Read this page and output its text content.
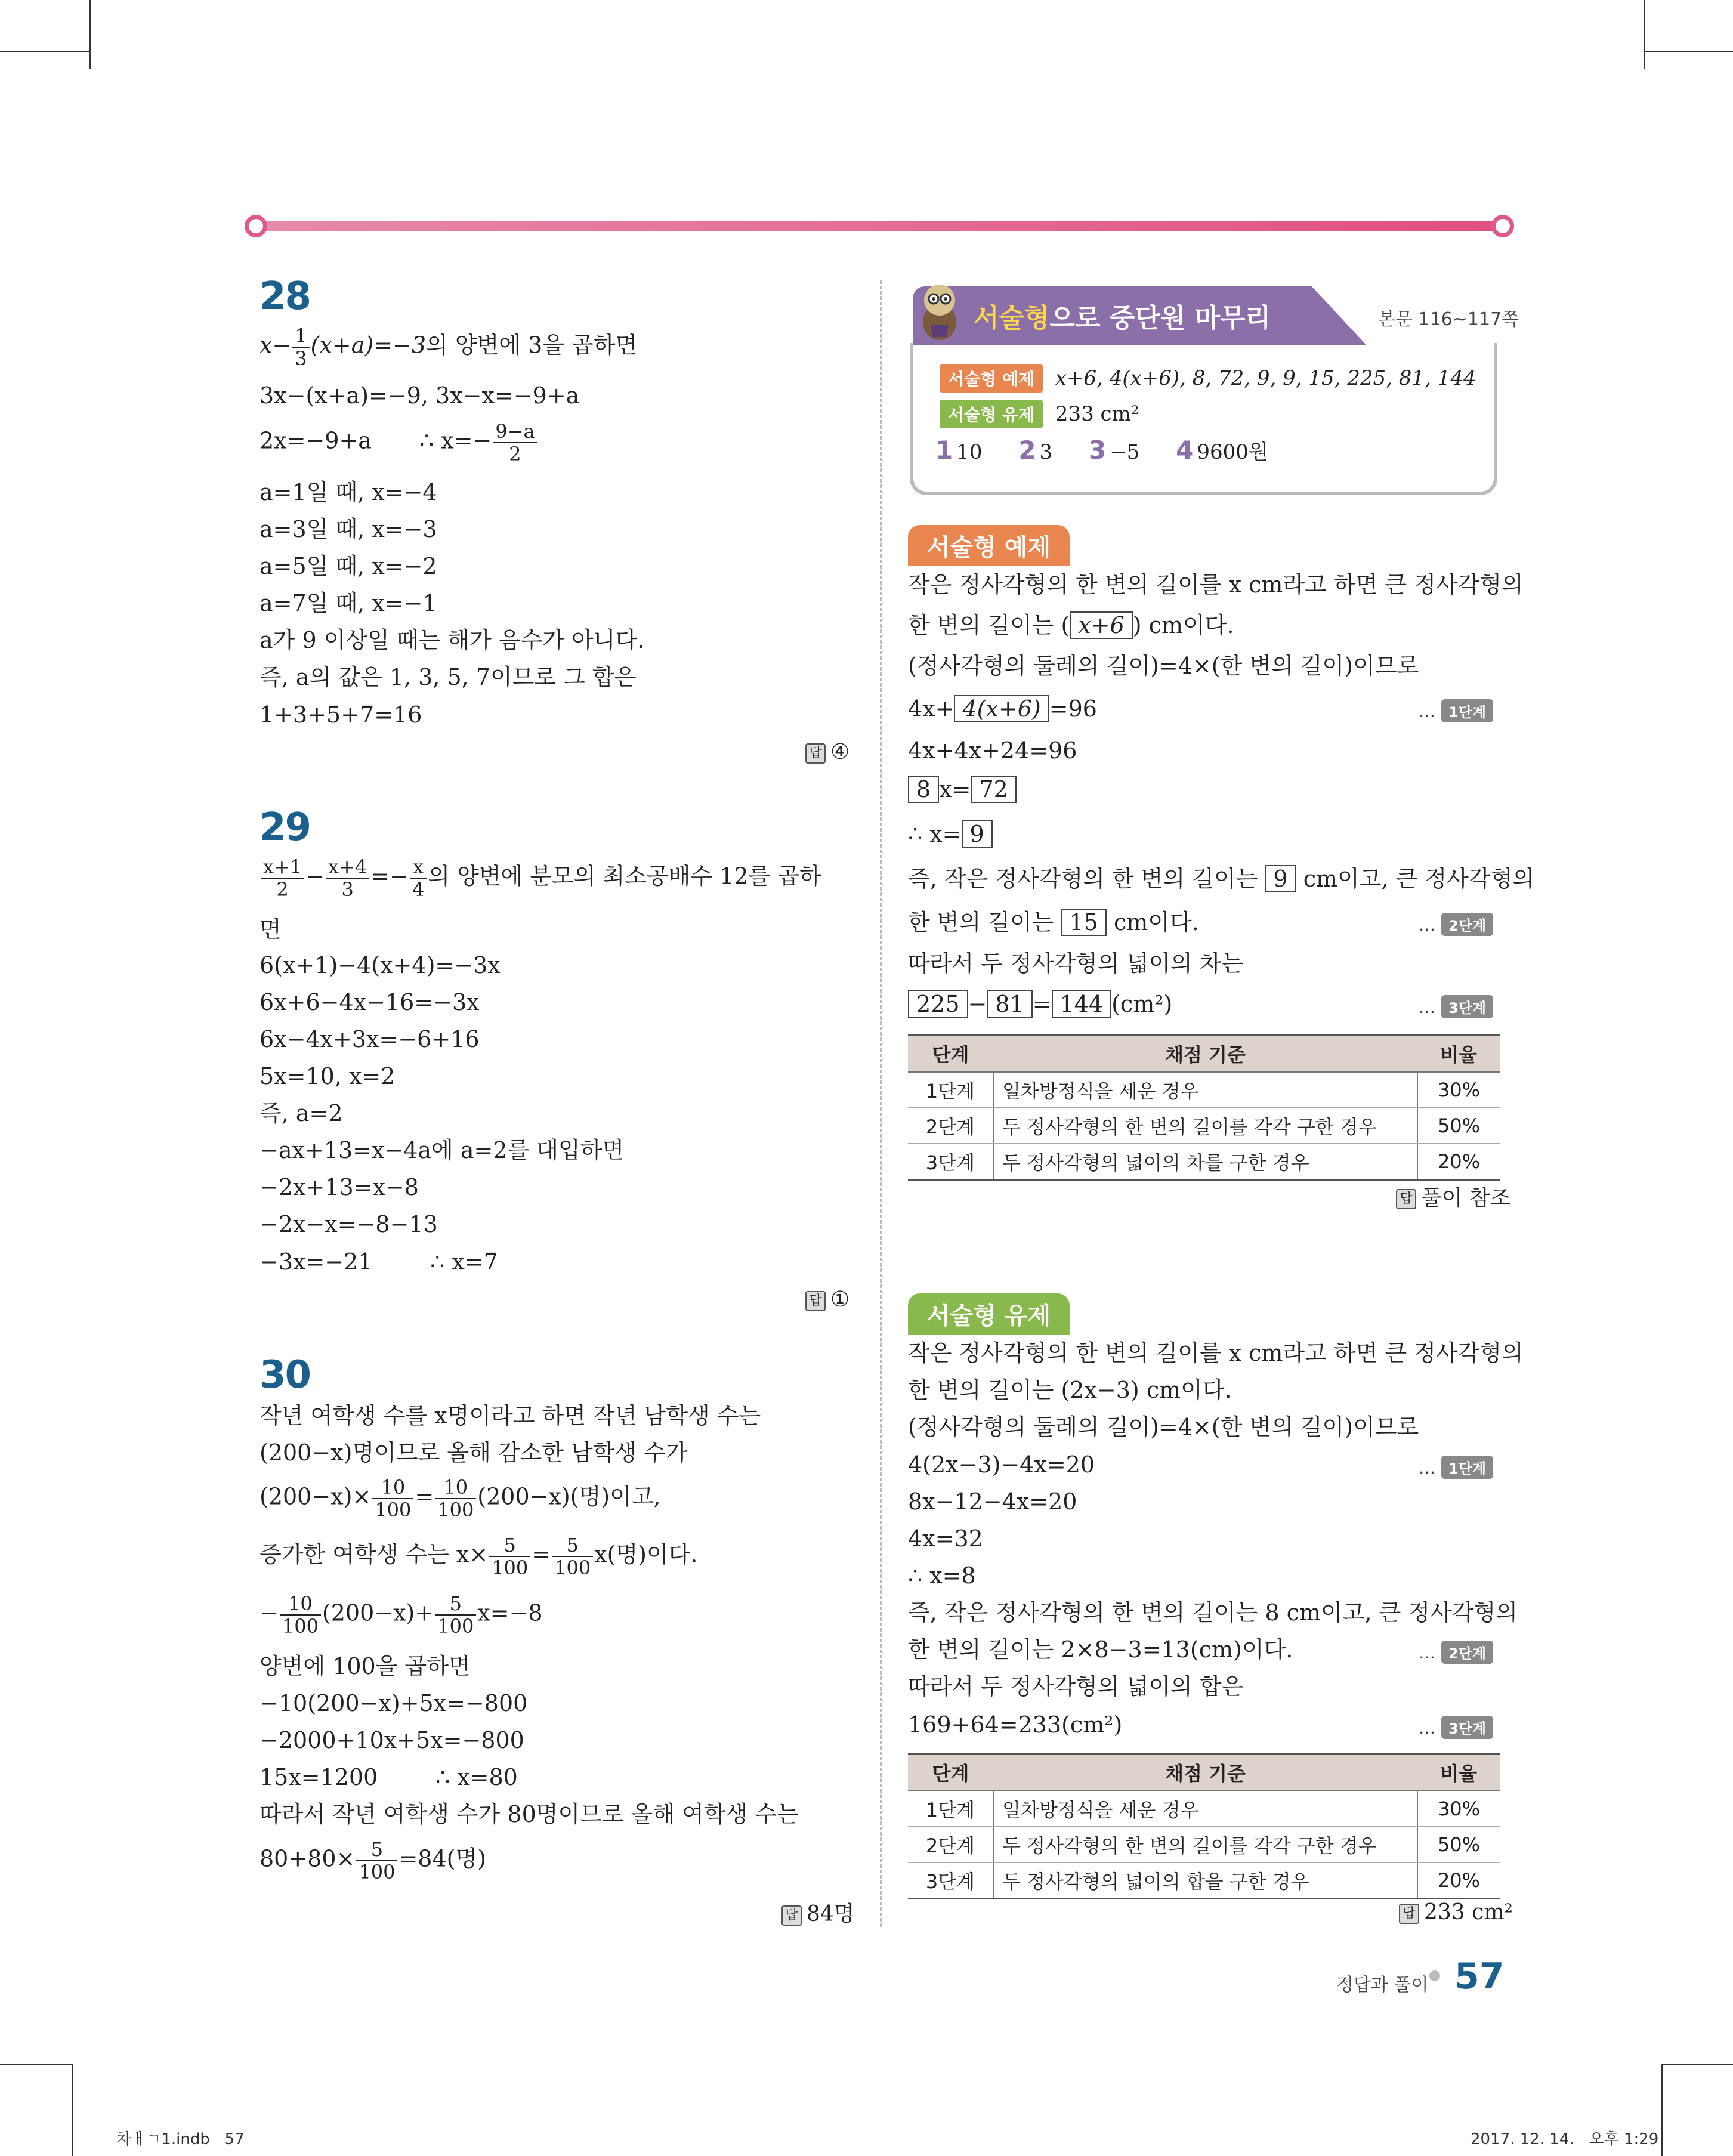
28
$x- \frac{1}{3} (x+a)=-3$의 양변에 3을 곱하면
3x−(x+a)=−9, 3x−x=−9+a
2x=−9+a ∴ $x=- \frac{9-a}{2}$
a=1일 때, x=−4
a=3일 때, x=−3
a=5일 때, x=−2
a=7일 때, x=−1
a가 9 이상일 때는 해가 음수가 아니다.
즉, a의 값은 1, 3, 5, 7이므로 그 합은
1+3+5+7=16
답 ④
29
$\frac{x+1}{2} - \frac{x+4}{3} =- \frac{x}{4}$ 의 양변에 분모의 최소공배수 12를 곱하
면
6(x+1)−4(x+4)=−3x
6x+6−4x−16=−3x
6x−4x+3x=−6+16
5x=10, x=2
즉, a=2
−ax+13=x−4a에 a=2를 대입하면
−2x+13=x−8
−2x−x=−8−13
−3x=−21        ∴ x=7
답 ①
30
작년 여학생 수를 x명이라고 하면 작년 남학생 수는
(200−x)명이므로 올해 감소한 남학생 수가
$(200-x)\times \frac{10}{100} = \frac{10}{100} (200-x)$(명)이고,
증가한 여학생 수는 $x\times \frac{5}{100} = \frac{5}{100} x$(명)이다.
− $\frac{10}{100} (200-x)+ \frac{5}{100} x=-8$
양변에 100을 곱하면
−10(200−x)+5x=−800
−2000+10x+5x=−800
15x=1200        ∴ x=80
따라서 작년 여학생 수가 80명이므로 올해 여학생 수는
$80+80\times \frac{5}{100} =84$(명)
답 84명
서술형으로 중단원 마무리	본문 116~117쪽
서술형 예제 x+6, 4(x+6), 8, 72, 9, 9, 15, 225, 81, 144
서술형 유제 233 cm²
1 10 2 3 3 −5 4 9600원
서술형 예제
작은 정사각형의 한 변의 길이를 x cm라고 하면 큰 정사각형의
한 변의 길이는 ( x+6 ) cm이다.
(정사각형의 둘레의 길이)=4×(한 변의 길이)이므로
4x+ 4(x+6) =96	… 1단계
4x+4x+24=96
8 x= 72
∴ x= 9
즉, 작은 정사각형의 한 변의 길이는 9 cm이고, 큰 정사각형의
한 변의 길이는 15 cm이다.	… 2단계
따라서 두 정사각형의 넓이의 차는
225 − 81 = 144 (cm²)	… 3단계
단계	채점 기준	비율
1단계	일차방정식을 세운 경우	30%
2단계	두 정사각형의 한 변의 길이를 각각 구한 경우	50%
3단계	두 정사각형의 넓이의 차를 구한 경우	20%
답 풀이 참조
서술형 유제
작은 정사각형의 한 변의 길이를 x cm라고 하면 큰 정사각형의
한 변의 길이는 (2x−3) cm이다.
(정사각형의 둘레의 길이)=4×(한 변의 길이)이므로
4(2x−3)−4x=20	… 1단계
8x−12−4x=20
4x=32
∴ x=8
즉, 작은 정사각형의 한 변의 길이는 8 cm이고, 큰 정사각형의
한 변의 길이는 2×8−3=13(cm)이다.	… 2단계
따라서 두 정사각형의 넓이의 합은
169+64=233(cm²)	… 3단계
단계	채점 기준	비율
1단계	일차방정식을 세운 경우	30%
2단계	두 정사각형의 한 변의 길이를 각각 구한 경우	50%
3단계	두 정사각형의 넓이의 합을 구한 경우	20%
답 233 cm²
정답과 풀이 57
차ㅐㄱ1.indb   57	2017. 12. 14.   오후 1:29
